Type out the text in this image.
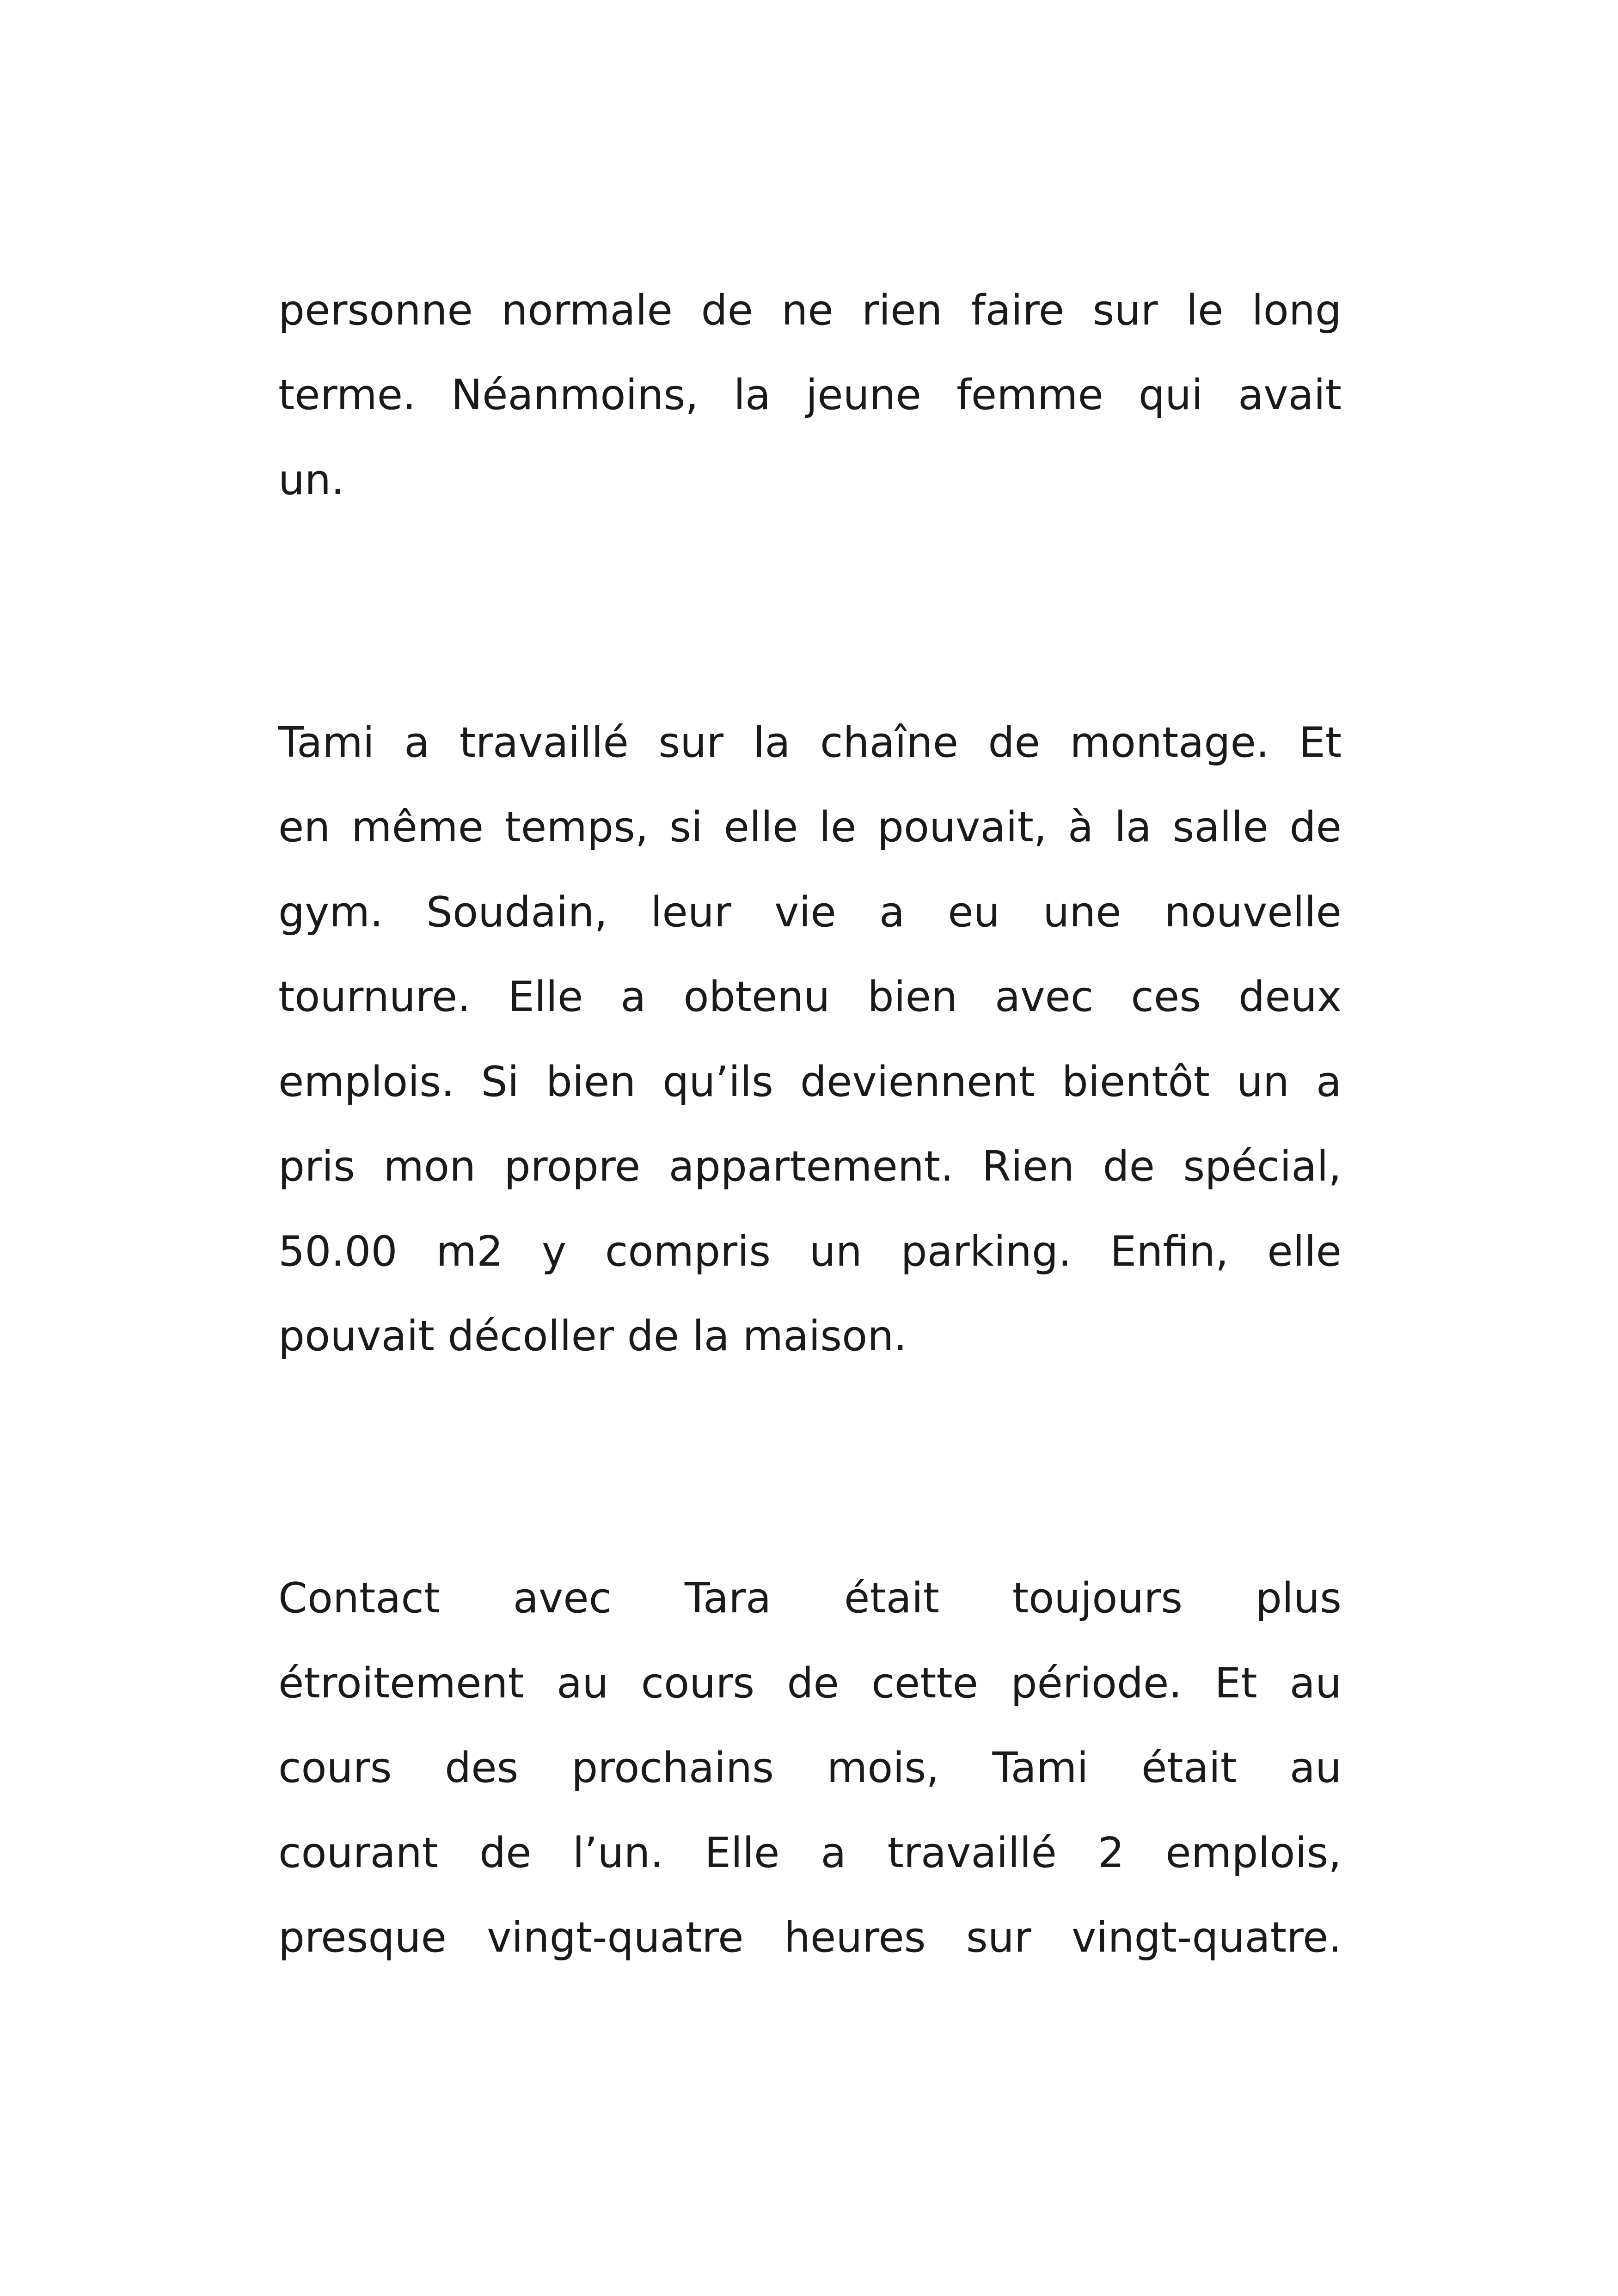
personne normale de ne rien faire sur le long
terme. Néanmoins, la jeune femme qui avait
un.
Tami a travaillé sur la chaîne de montage. Et
en même temps, si elle le pouvait, à la salle de
gym. Soudain, leur vie a eu une nouvelle
tournure. Elle a obtenu bien avec ces deux
emplois. Si bien qu’ils deviennent bientôt un a
pris mon propre appartement. Rien de spécial,
50.00 m2 y compris un parking. Enfin, elle
pouvait décoller de la maison.
Contact avec Tara était toujours plus
étroitement au cours de cette période. Et au
cours des prochains mois, Tami était au
courant de l’un. Elle a travaillé 2 emplois,
presque vingt-quatre heures sur vingt-quatre.
